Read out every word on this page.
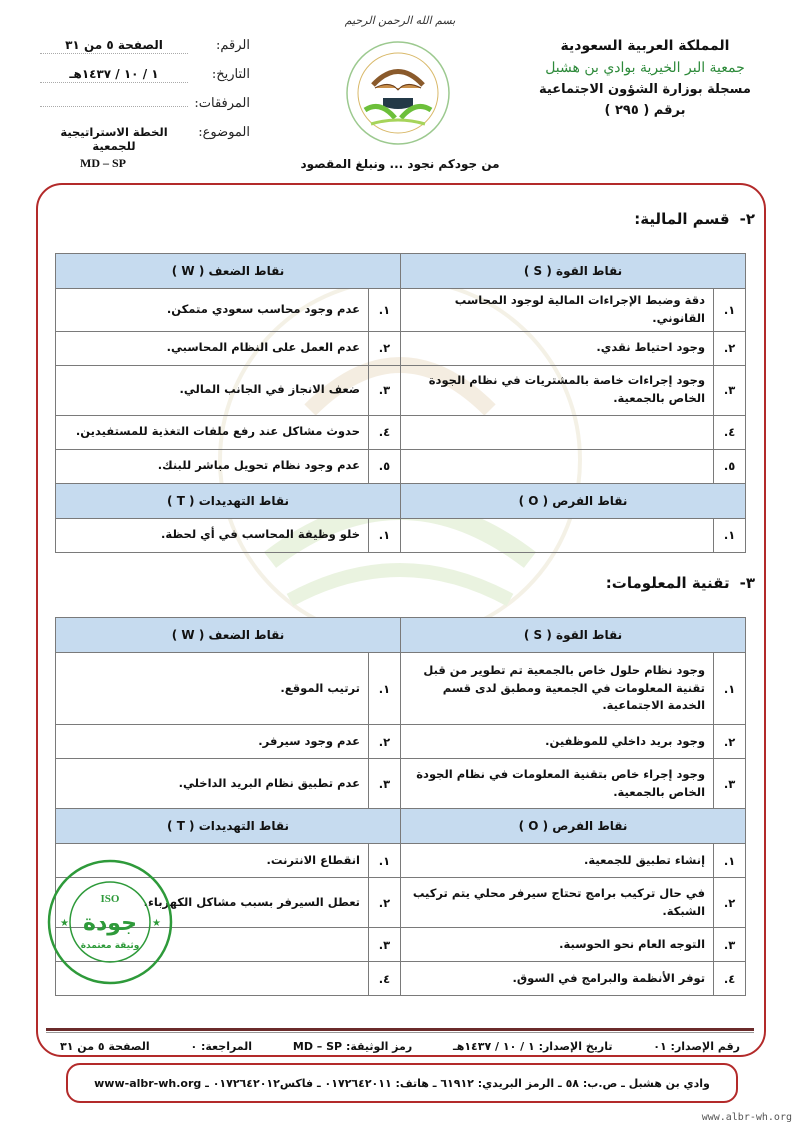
المملكة العربية السعودية
جمعية البر الخيرية بوادي بن هشبل
مسجلة بوزارة الشؤون الاجتماعية
برقم ( ٢٩٥ )
بسم الله الرحمن الرحيم
من جودكم نجود ... ونبلغ المقصود
الرقم:
الصفحة ٥ من ٣١
التاريخ:
١ / ١٠ / ١٤٣٧هـ
المرفقات:
الموضوع:
الخطة الاستراتيجية للجمعية
MD – SP
٢-قسم المالية:
نقاط القوة ( S )		نقاط الضعف ( W )	
١.	دقة وضبط الإجراءات المالية لوجود المحاسب القانوني.	١.	عدم وجود محاسب سعودي متمكن.
٢.	وجود احتياط نقدي.	٢.	عدم العمل على النظام المحاسبي.
٣.	وجود إجراءات خاصة بالمشتريات في نظام الجودة الخاص بالجمعية.	٣.	ضعف الانجاز في الجانب المالي.
٤.		٤.	حدوث مشاكل عند رفع ملفات التغذية للمستفيدين.
٥.		٥.	عدم وجود نظام تحويل مباشر للبنك.
نقاط الفرص ( O )		نقاط التهديدات ( T )	
١.		١.	خلو وظيفة المحاسب في أي لحظة.
٣-تقنية المعلومات:
نقاط القوة ( S )		نقاط الضعف ( W )	
١.	وجود نظام حلول خاص بالجمعية تم تطوير من قبل تقنية المعلومات في الجمعية ومطبق لدى قسم الخدمة الاجتماعية.	١.	ترتيب الموقع.
٢.	وجود بريد داخلي للموظفين.	٢.	عدم وجود سيرفر.
٣.	وجود إجراء خاص بتقنية المعلومات في نظام الجودة الخاص بالجمعية.	٣.	عدم تطبيق نظام البريد الداخلي.
نقاط الفرص ( O )		نقاط التهديدات ( T )	
١.	إنشاء تطبيق للجمعية.	١.	انقطاع الانترنت.
٢.	في حال تركيب برامج تحتاج سيرفر محلي يتم تركيب الشبكة.	٢.	تعطل السيرفر بسبب مشاكل الكهرباء.
٣.	التوجه العام نحو الحوسبة.	٣.	
٤.	توفر الأنظمة والبرامج في السوق.	٤.	
ISO
جودة
وثيقة معتمدة
★	★
رقم الإصدار: ٠١
تاريخ الإصدار: ١ / ١٠ / ١٤٣٧هـ
رمز الوثيقة: MD – SP
المراجعة: ٠
الصفحة ٥ من ٣١
وادي بن هشبل ـ ص.ب: ٥٨ ـ الرمز البريدي: ٦١٩١٢ ـ هاتف: ٠١٧٢٦٤٢٠١١ ـ فاكس٠١٧٢٦٤٢٠١٢ ـ www-albr-wh.org
www.albr-wh.org
